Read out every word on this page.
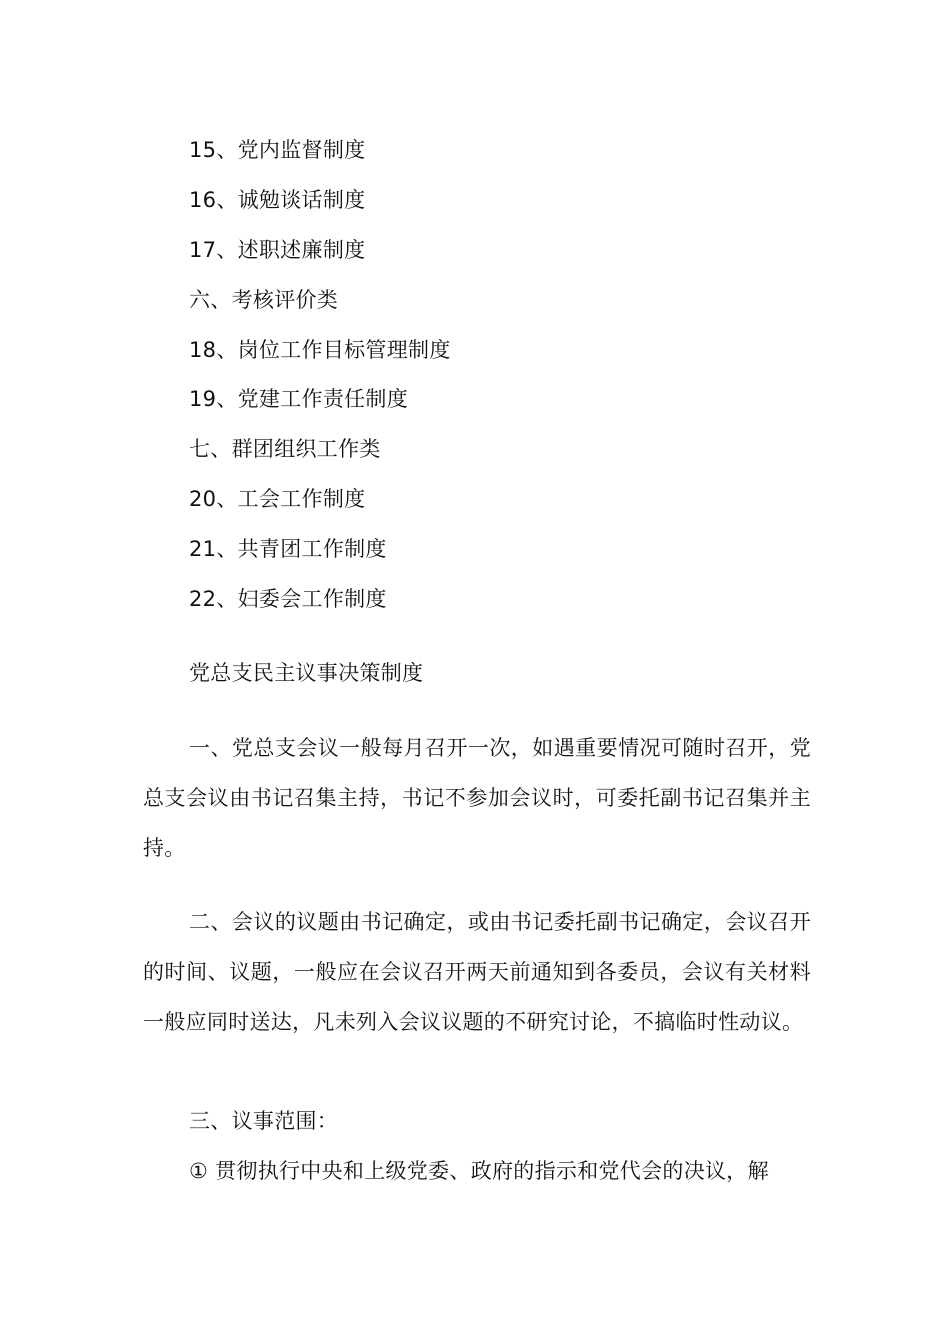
15、党内监督制度
16、诚勉谈话制度
17、述职述廉制度
六、考核评价类
18、岗位工作目标管理制度
19、党建工作责任制度
七、群团组织工作类
20、工会工作制度
21、共青团工作制度
22、妇委会工作制度
党总支民主议事决策制度
一、党总支会议一般每月召开一次，如遇重要情况可随时召开，党总支会议由书记召集主持，书记不参加会议时，可委托副书记召集并主持。
二、会议的议题由书记确定，或由书记委托副书记确定，会议召开的时间、议题，一般应在会议召开两天前通知到各委员，会议有关材料一般应同时送达，凡未列入会议议题的不研究讨论，不搞临时性动议。
三、议事范围：
① 贯彻执行中央和上级党委、政府的指示和党代会的决议，解
